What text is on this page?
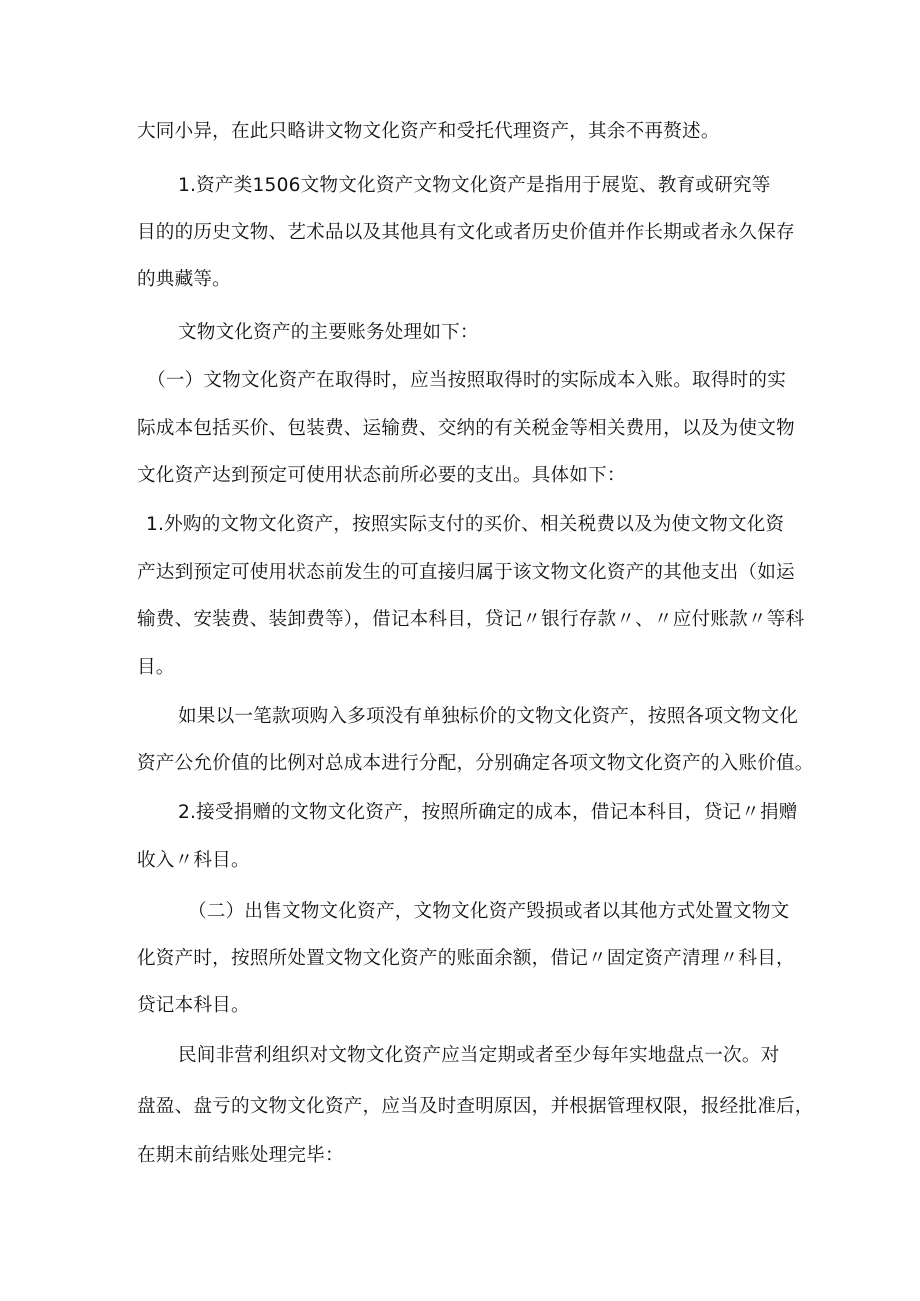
大同小异，在此只略讲文物文化资产和受托代理资产，其余不再赘述。
1.资产类1506文物文化资产文物文化资产是指用于展览、教育或研究等
目的的历史文物、艺术品以及其他具有文化或者历史价值并作长期或者永久保存
的典藏等。
文物文化资产的主要账务处理如下：
（一）文物文化资产在取得时，应当按照取得时的实际成本入账。取得时的实
际成本包括买价、包装费、运输费、交纳的有关税金等相关费用，以及为使文物
文化资产达到预定可使用状态前所必要的支出。具体如下：
1.外购的文物文化资产，按照实际支付的买价、相关税费以及为使文物文化资
产达到预定可使用状态前发生的可直接归属于该文物文化资产的其他支出（如运
输费、安装费、装卸费等），借记本科目，贷记〃银行存款〃、〃应付账款〃等科
目。
如果以一笔款项购入多项没有单独标价的文物文化资产，按照各项文物文化
资产公允价值的比例对总成本进行分配，分别确定各项文物文化资产的入账价值。
2.接受捐赠的文物文化资产，按照所确定的成本，借记本科目，贷记〃捐赠
收入〃科目。
（二）出售文物文化资产，文物文化资产毁损或者以其他方式处置文物文
化资产时，按照所处置文物文化资产的账面余额，借记〃固定资产清理〃科目，
贷记本科目。
民间非营利组织对文物文化资产应当定期或者至少每年实地盘点一次。对
盘盈、盘亏的文物文化资产，应当及时查明原因，并根据管理权限，报经批准后，
在期末前结账处理完毕：
